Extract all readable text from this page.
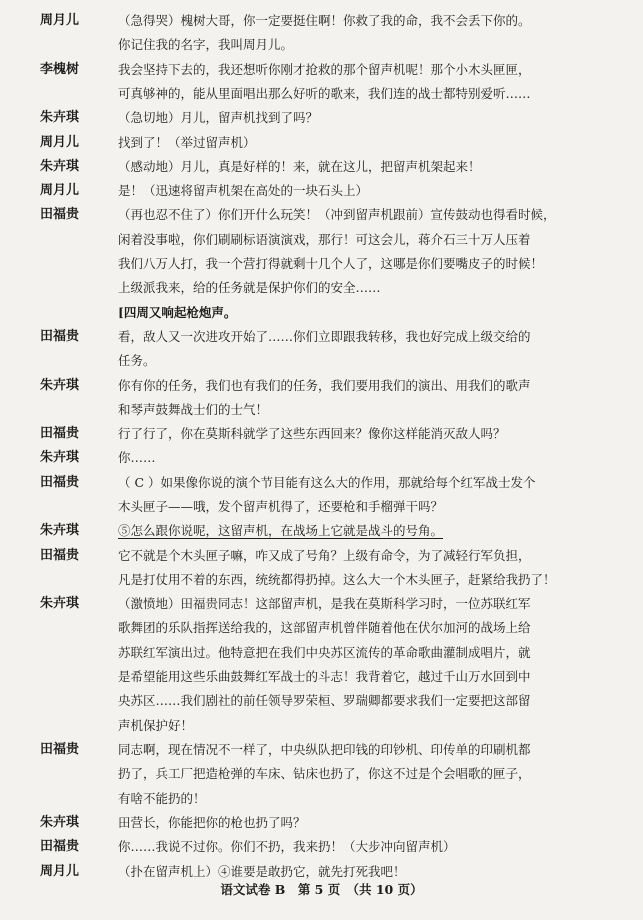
周月儿	（急得哭）槐树大哥，你一定要挺住啊！你救了我的命，我不会丢下你的。
你记住我的名字，我叫周月儿。
李槐树	我会坚持下去的，我还想听你刚才抢救的那个留声机呢！那个小木头匣匣，
可真够神的，能从里面唱出那么好听的歌来，我们连的战士都特别爱听……
朱卉琪	（急切地）月儿，留声机找到了吗？
周月儿	找到了！（举过留声机）
朱卉琪	（感动地）月儿，真是好样的！来，就在这儿，把留声机架起来！
周月儿	是！（迅速将留声机架在高处的一块石头上）
田福贵	（再也忍不住了）你们开什么玩笑！（冲到留声机跟前）宣传鼓动也得看时候，
闲着没事啦，你们刷刷标语演演戏，那行！可这会儿，蒋介石三十万人压着
我们八万人打，我一个营打得就剩十几个人了，这哪是你们要嘴皮子的时候！
上级派我来，给的任务就是保护你们的安全……
[四周又响起枪炮声。
田福贵	看，敌人又一次进攻开始了……你们立即跟我转移，我也好完成上级交给的
任务。
朱卉琪	你有你的任务，我们也有我们的任务，我们要用我们的演出、用我们的歌声
和琴声鼓舞战士们的士气！
田福贵	行了行了，你在莫斯科就学了这些东西回来？像你这样能消灭敌人吗？
朱卉琪	你……
田福贵	（ C ）如果像你说的演个节目能有这么大的作用，那就给每个红军战士发个
木头匣子——哦，发个留声机得了，还要枪和手榴弹干吗？
朱卉琪	⑤怎么跟你说呢，这留声机，在战场上它就是战斗的号角。
田福贵	它不就是个木头匣子嘛，咋又成了号角？上级有命令，为了减轻行军负担，
凡是打仗用不着的东西，统统都得扔掉。这么大一个木头匣子，赶紧给我扔了！
朱卉琪	（激愤地）田福贵同志！这部留声机，是我在莫斯科学习时，一位苏联红军
歌舞团的乐队指挥送给我的，这部留声机曾伴随着他在伏尔加河的战场上给
苏联红军演出过。他特意把在我们中央苏区流传的革命歌曲灌制成唱片，就
是希望能用这些乐曲鼓舞红军战士的斗志！我背着它，越过千山万水回到中
央苏区……我们剧社的前任领导罗荣桓、罗瑞卿都要求我们一定要把这部留
声机保护好！
田福贵	同志啊，现在情况不一样了，中央纵队把印钱的印钞机、印传单的印刷机都
扔了，兵工厂把造枪弹的车床、钻床也扔了，你这不过是个会唱歌的匣子，
有啥不能扔的！
朱卉琪	田营长，你能把你的枪也扔了吗？
田福贵	你……我说不过你。你们不扔，我来扔！（大步冲向留声机）
周月儿	（扑在留声机上）④谁要是敢扔它，就先打死我吧！
语文试卷 B　第 5 页　（共 10 页）
